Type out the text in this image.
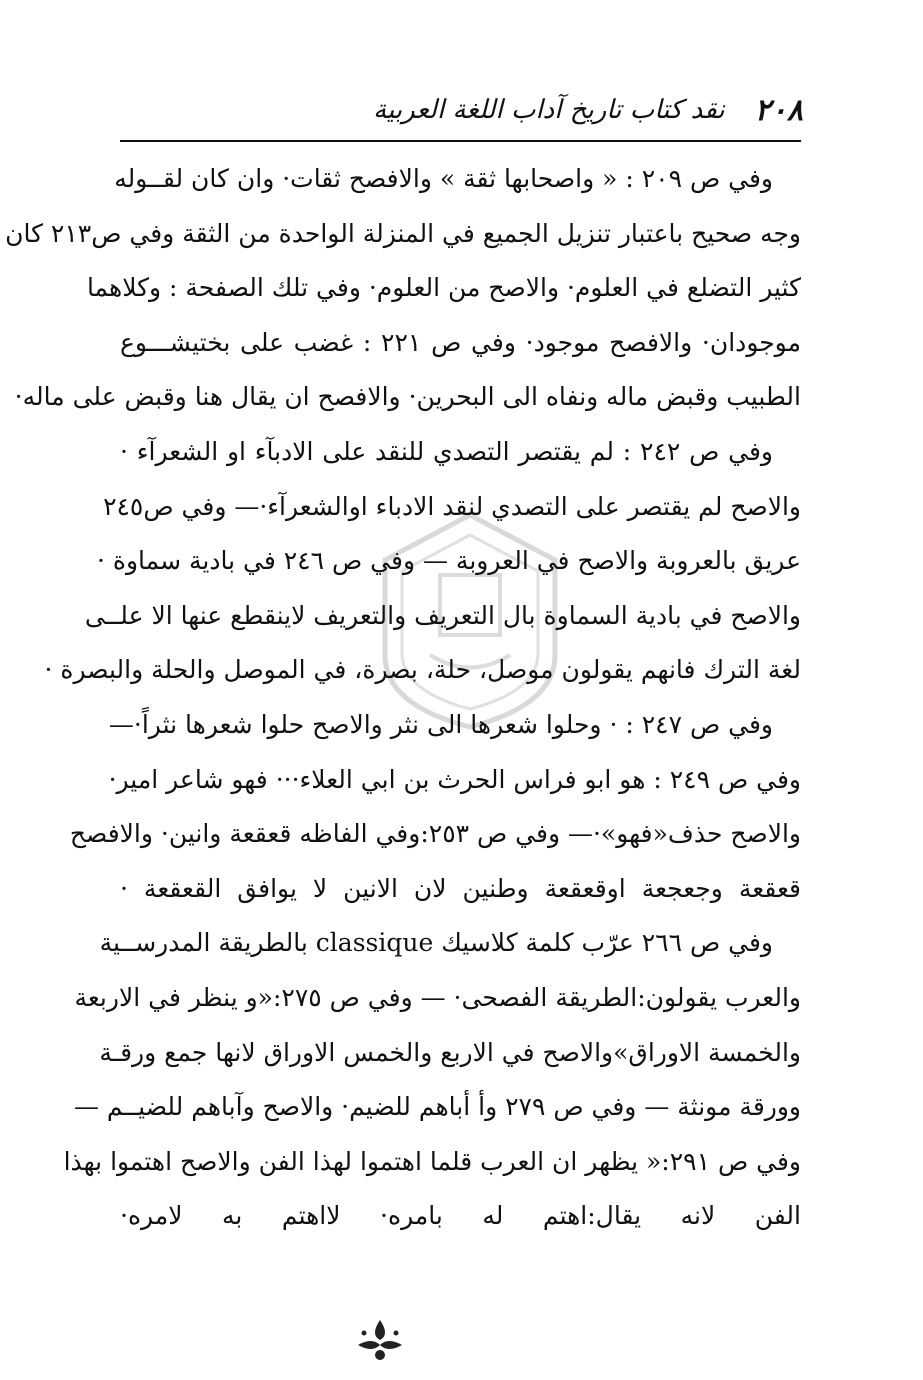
٢٠٨
نقد كتاب تاريخ آداب اللغة العربية
وفي ص ٢٠٩ : « واصحابها ثقة » والافصح ثقات· وان كان لقــوله
وجه صحيح باعتبار تنزيل الجميع في المنزلة الواحدة من الثقة وفي ص٢١٣ كان
كثير التضلع في العلوم· والاصح من العلوم· وفي تلك الصفحة : وكلاهما
موجودان· والافصح موجود· وفي ص ٢٢١ : غضب على بختيشـــوع
الطبيب وقبض ماله ونفاه الى البحرين· والافصح ان يقال هنا وقبض على ماله·
وفي ص ٢٤٢ : لم يقتصر التصدي للنقد على الادبآء او الشعرآء ·
والاصح لم يقتصر على التصدي لنقد الادباء اوالشعرآء·— وفي ص٢٤٥
عريق بالعروبة والاصح في العروبة — وفي ص ٢٤٦ في بادية سماوة ·
والاصح في بادية السماوة بال التعريف والتعريف لاينقطع عنها الا علــى
لغة الترك فانهم يقولون موصل، حلة، بصرة، في الموصل والحلة والبصرة ·
وفي ص ٢٤٧ : · وحلوا شعرها الى نثر والاصح حلوا شعرها نثراً·—
وفي ص ٢٤٩ : هو ابو فراس الحرث بن ابي العلاء··· فهو شاعر امير·
والاصح حذف«فهو»·— وفي ص ٢٥٣:وفي الفاظه قعقعة وانين· والافصح
قعقعة وجعجعة اوقعقعة وطنين لان الانين لا يوافق القعقعة ·
وفي ص ٢٦٦ عرّب كلمة كلاسيك classique بالطريقة المدرســية
والعرب يقولون:الطريقة الفصحى· — وفي ص ٢٧٥:«و ينظر في الاربعة
والخمسة الاوراق»والاصح في الاربع والخمس الاوراق لانها جمع ورقـة
وورقة مونثة — وفي ص ٢٧٩ وأ أباهم للضيم· والاصح وآباهم للضيــم —
وفي ص ٢٩١:« يظهر ان العرب قلما اهتموا لهذا الفن والاصح اهتموا بهذا
الفن لانه يقال:اهتم له بامره· لااهتم به لامره·
